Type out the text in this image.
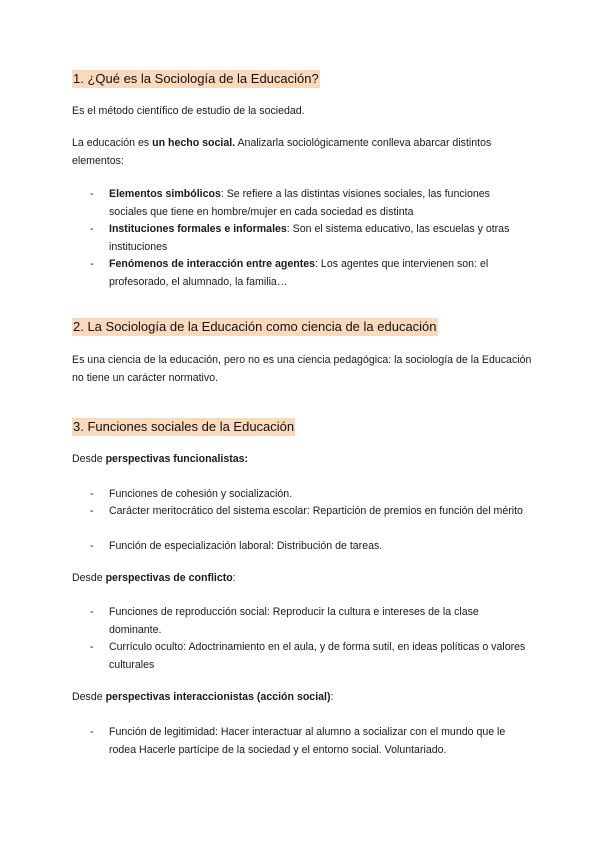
1. ¿Qué es la Sociología de la Educación?
Es el método científico de estudio de la sociedad.
La educación es un hecho social. Analizarla sociológicamente conlleva abarcar distintos elementos:
- Elementos simbólicos: Se refiere a las distintas visiones sociales, las funciones sociales que tiene en hombre/mujer en cada sociedad es distinta
- Instituciones formales e informales: Son el sistema educativo, las escuelas y otras instituciones
- Fenómenos de interacción entre agentes: Los agentes que intervienen son: el profesorado, el alumnado, la familia…
2. La Sociología de la Educación como ciencia de la educación
Es una ciencia de la educación, pero no es una ciencia pedagógica: la sociología de la Educación no tiene un carácter normativo.
3. Funciones sociales de la Educación
Desde perspectivas funcionalistas:
- Funciones de cohesión y socialización.
- Carácter meritocrático del sistema escolar: Repartición de premios en función del mérito
- Función de especialización laboral: Distribución de tareas.
Desde perspectivas de conflicto:
- Funciones de reproducción social: Reproducir la cultura e intereses de la clase dominante.
- Currículo oculto: Adoctrinamiento en el aula, y de forma sutil, en ideas políticas o valores culturales
Desde perspectivas interaccionistas (acción social):
- Función de legitimidad: Hacer interactuar al alumno a socializar con el mundo que le rodea Hacerle partícipe de la sociedad y el entorno social. Voluntariado.
